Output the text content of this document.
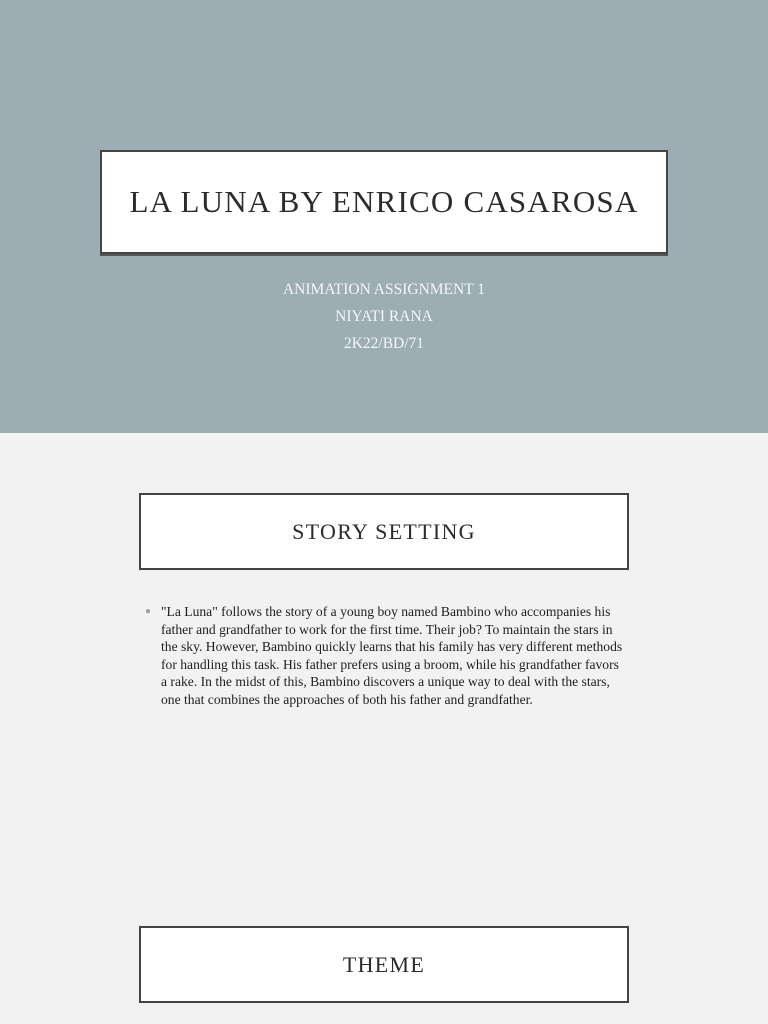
LA LUNA BY ENRICO CASAROSA
ANIMATION ASSIGNMENT 1
NIYATI RANA
2K22/BD/71
STORY SETTING
● "La Luna" follows the story of a young boy named Bambino who accompanies his father and grandfather to work for the first time. Their job? To maintain the stars in the sky. However, Bambino quickly learns that his family has very different methods for handling this task. His father prefers using a broom, while his grandfather favors a rake. In the midst of this, Bambino discovers a unique way to deal with the stars, one that combines the approaches of both his father and grandfather.
THEME
